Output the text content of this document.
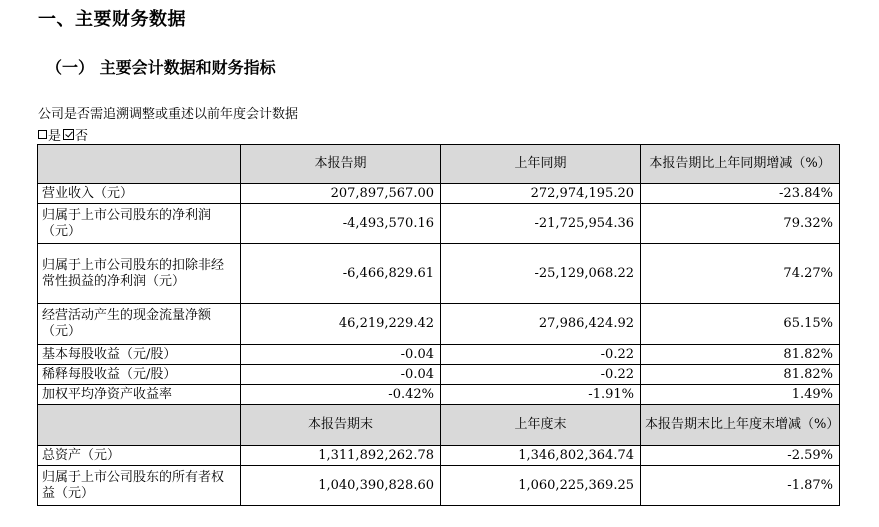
一、主要财务数据
（一） 主要会计数据和财务指标
公司是否需追溯调整或重述以前年度会计数据
是 否
	本报告期	上年同期	本报告期比上年同期增减（%）
营业收入（元）	207,897,567.00	272,974,195.20	-23.84%
归属于上市公司股东的净利润（元）	-4,493,570.16	-21,725,954.36	79.32%
归属于上市公司股东的扣除非经常性损益的净利润（元）	-6,466,829.61	-25,129,068.22	74.27%
经营活动产生的现金流量净额（元）	46,219,229.42	27,986,424.92	65.15%
基本每股收益（元/股）	-0.04	-0.22	81.82%
稀释每股收益（元/股）	-0.04	-0.22	81.82%
加权平均净资产收益率	-0.42%	-1.91%	1.49%
	本报告期末	上年度末	本报告期末比上年度末增减（%）
总资产（元）	1,311,892,262.78	1,346,802,364.74	-2.59%
归属于上市公司股东的所有者权益（元）	1,040,390,828.60	1,060,225,369.25	-1.87%
